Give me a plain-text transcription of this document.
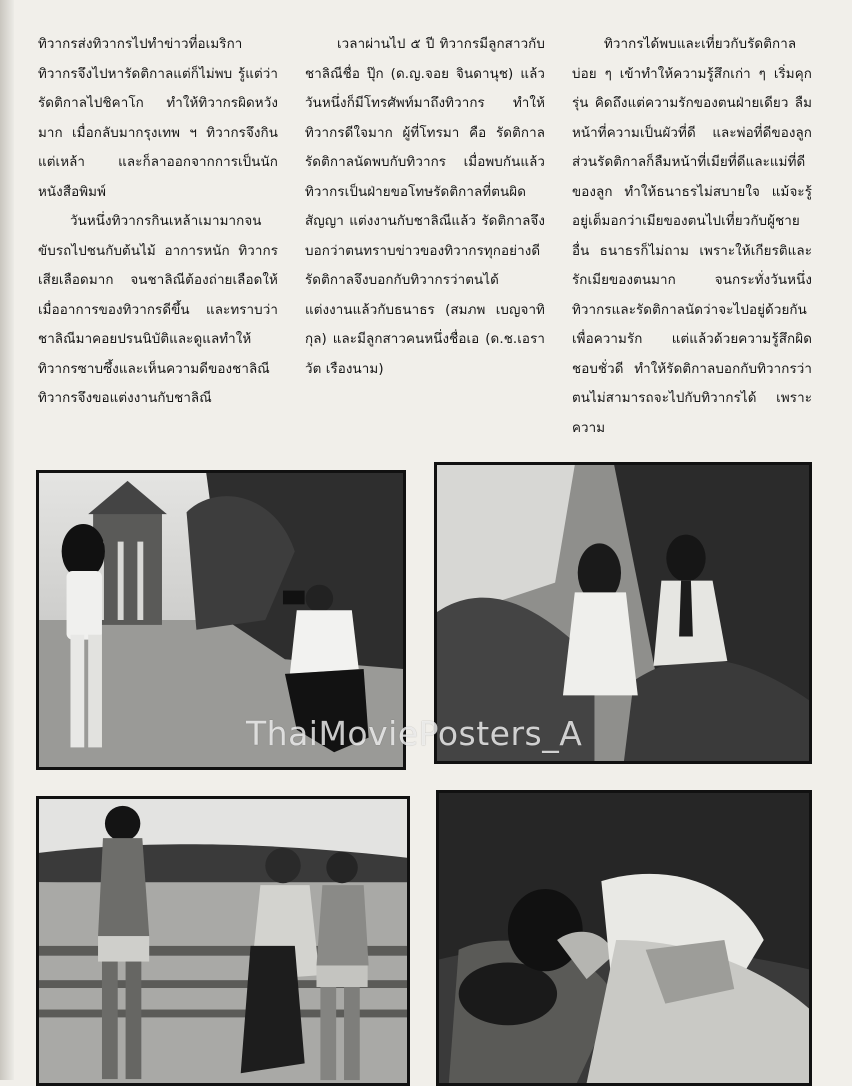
ทิวากรส่งทิวากรไปทำข่าวที่อเมริกา ทิวากรจึงไปหารัดติกาลแต่ก็ไม่พบ รู้แต่ว่ารัดติกาลไปชิคาโก ทำให้ทิวากรผิดหวังมาก เมื่อกลับมากรุงเทพ ฯ ทิวากรจึงกินแต่เหล้า และก็ลาออกจากการเป็นนักหนังสือพิมพ์

วันหนึ่งทิวากรกินเหล้าเมามากจนขับรถไปชนกับต้นไม้ อาการหนัก ทิวากรเสียเลือดมาก จนชาลิณีต้องถ่ายเลือดให้ เมื่ออาการของทิวากรดีขึ้น และทราบว่า ชาลิณีมาคอยปรนนิบัติและดูแลทำให้ทิวากรซาบซึ้งและเห็นความดีของชาลิณี ทิวากรจึงขอแต่งงานกับชาลิณี

เวลาผ่านไป ๕ ปี ทิวากรมีลูกสาวกับชาลิณีชื่อ ปุ๊ก (ด.ญ.จอย จินดานุช) แล้ววันหนึ่งก็มีโทรศัพท์มาถึงทิวากร ทำให้ทิวากรดีใจมาก ผู้ที่โทรมา คือ รัดติกาล รัดติกาลนัดพบกับทิวากร เมื่อพบกันแล้ว ทิวากรเป็นฝ่ายขอโทษรัดติกาลที่ตนผิดสัญญา แต่งงานกับชาลิณีแล้ว รัดติกาลจึงบอกว่าตนทราบข่าวของทิวากรทุกอย่างดี รัดติกาลจึงบอกกับทิวากรว่าตนได้แต่งงานแล้วกับธนาธร (สมภพ เบญจาทิกุล) และมีลูกสาวคนหนึ่งชื่อเอ (ด.ช.เอราวัต เรืองนาม)

ทิวากรได้พบและเที่ยวกับรัดติกาลบ่อย ๆ เข้าทำให้ความรู้สึกเก่า ๆ เริ่มคุกรุ่น คิดถึงแต่ความรักของตนฝ่ายเดียว ลืมหน้าที่ความเป็นผัวที่ดี และพ่อที่ดีของลูก ส่วนรัดติกาลก็ลืมหน้าที่เมียที่ดีและแม่ที่ดีของลูก ทำให้ธนาธรไม่สบายใจ แม้จะรู้อยู่เต็มอกว่าเมียของตนไปเที่ยวกับผู้ชายอื่น ธนาธรก็ไม่ถาม เพราะให้เกียรติและรักเมียของตนมาก จนกระทั่งวันหนึ่งทิวากรและรัดติกาลนัดว่าจะไปอยู่ด้วยกันเพื่อความรัก แต่แล้วด้วยความรู้สึกผิดชอบชั่วดี ทำให้รัดติกาลบอกกับทิวากรว่า ตนไม่สามารถจะไปกับทิวากรได้ เพราะความ

ThaiMoviePosters_A
